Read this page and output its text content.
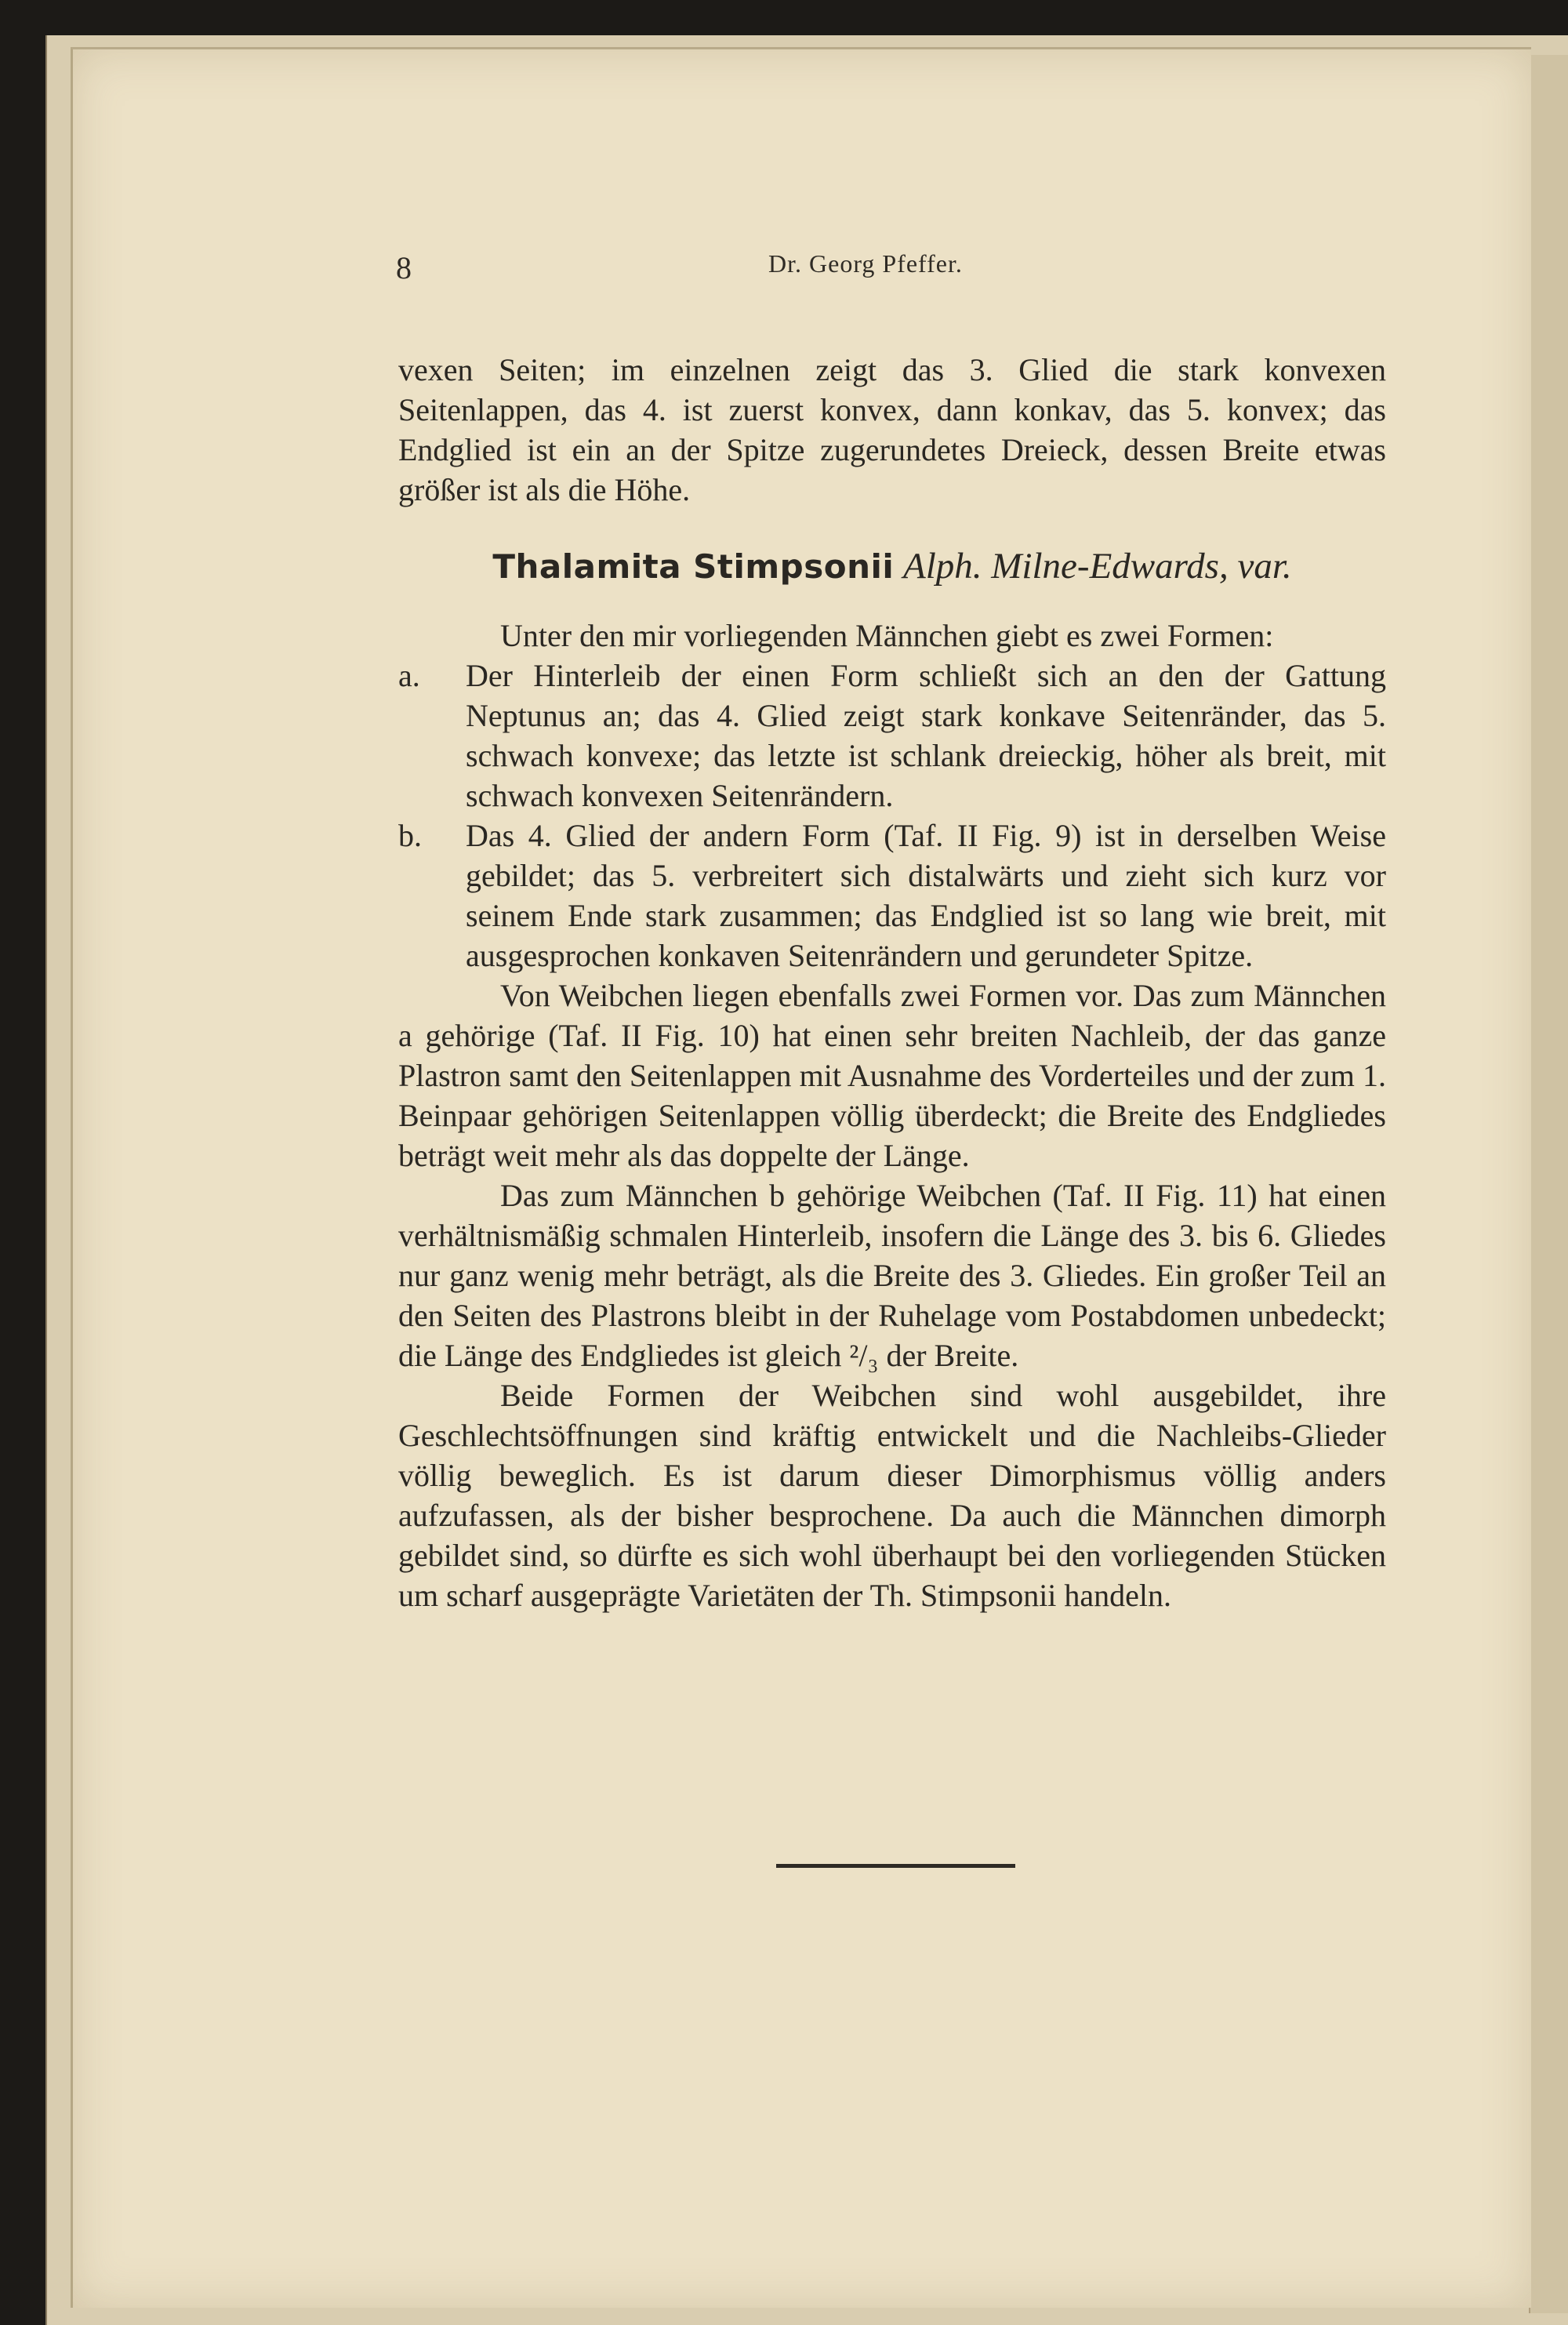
8	Dr. Georg Pfeffer.

vexen Seiten; im einzelnen zeigt das 3. Glied die stark konvexen Seitenlappen, das 4. ist zuerst konvex, dann konkav, das 5. konvex; das Endglied ist ein an der Spitze zugerundetes Dreieck, dessen Breite etwas größer ist als die Höhe.

Thalamita Stimpsonii Alph. Milne-Edwards, var.

Unter den mir vorliegenden Männchen giebt es zwei Formen:

a.	Der Hinterleib der einen Form schließt sich an den der Gattung Neptunus an; das 4. Glied zeigt stark konkave Seitenränder, das 5. schwach konvexe; das letzte ist schlank dreieckig, höher als breit, mit schwach konvexen Seitenrändern.
b.	Das 4. Glied der andern Form (Taf. II Fig. 9) ist in derselben Weise gebildet; das 5. verbreitert sich distalwärts und zieht sich kurz vor seinem Ende stark zusammen; das Endglied ist so lang wie breit, mit ausgesprochen konkaven Seitenrändern und gerundeter Spitze.

Von Weibchen liegen ebenfalls zwei Formen vor. Das zum Männchen a gehörige (Taf. II Fig. 10) hat einen sehr breiten Nachleib, der das ganze Plastron samt den Seitenlappen mit Ausnahme des Vorderteiles und der zum 1. Beinpaar gehörigen Seitenlappen völlig überdeckt; die Breite des Endgliedes beträgt weit mehr als das doppelte der Länge.

Das zum Männchen b gehörige Weibchen (Taf. II Fig. 11) hat einen verhältnismäßig schmalen Hinterleib, insofern die Länge des 3. bis 6. Gliedes nur ganz wenig mehr beträgt, als die Breite des 3. Gliedes. Ein großer Teil an den Seiten des Plastrons bleibt in der Ruhelage vom Postabdomen unbedeckt; die Länge des Endgliedes ist gleich ²/₃ der Breite.

Beide Formen der Weibchen sind wohl ausgebildet, ihre Geschlechtsöffnungen sind kräftig entwickelt und die Nachleibs-Glieder völlig beweglich. Es ist darum dieser Dimorphismus völlig anders aufzufassen, als der bisher besprochene. Da auch die Männchen dimorph gebildet sind, so dürfte es sich wohl überhaupt bei den vorliegenden Stücken um scharf ausgeprägte Varietäten der Th. Stimpsonii handeln.
